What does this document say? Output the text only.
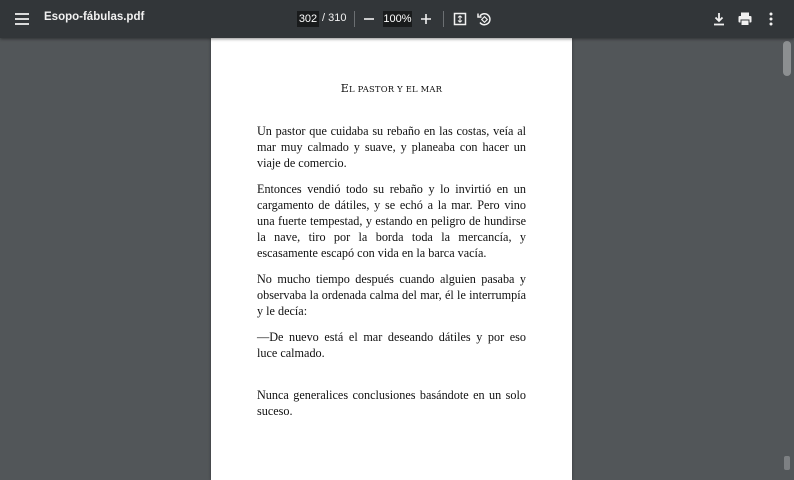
Esopo-fábulas.pdf	302 / 310	100%
EL PASTOR Y EL MAR

Un pastor que cuidaba su rebaño en las costas, veía al mar muy calmado y suave, y planeaba con hacer un viaje de comercio.

Entonces vendió todo su rebaño y lo invirtió en un cargamento de dátiles, y se echó a la mar. Pero vino una fuerte tempestad, y estando en peligro de hundirse la nave, tiro por la borda toda la mercancía, y escasamente escapó con vida en la barca vacía.

No mucho tiempo después cuando alguien pasaba y observaba la ordenada calma del mar, él le interrumpía y le decía:

—De nuevo está el mar deseando dátiles y por eso luce calmado.

Nunca generalices conclusiones basándote en un solo suceso.
